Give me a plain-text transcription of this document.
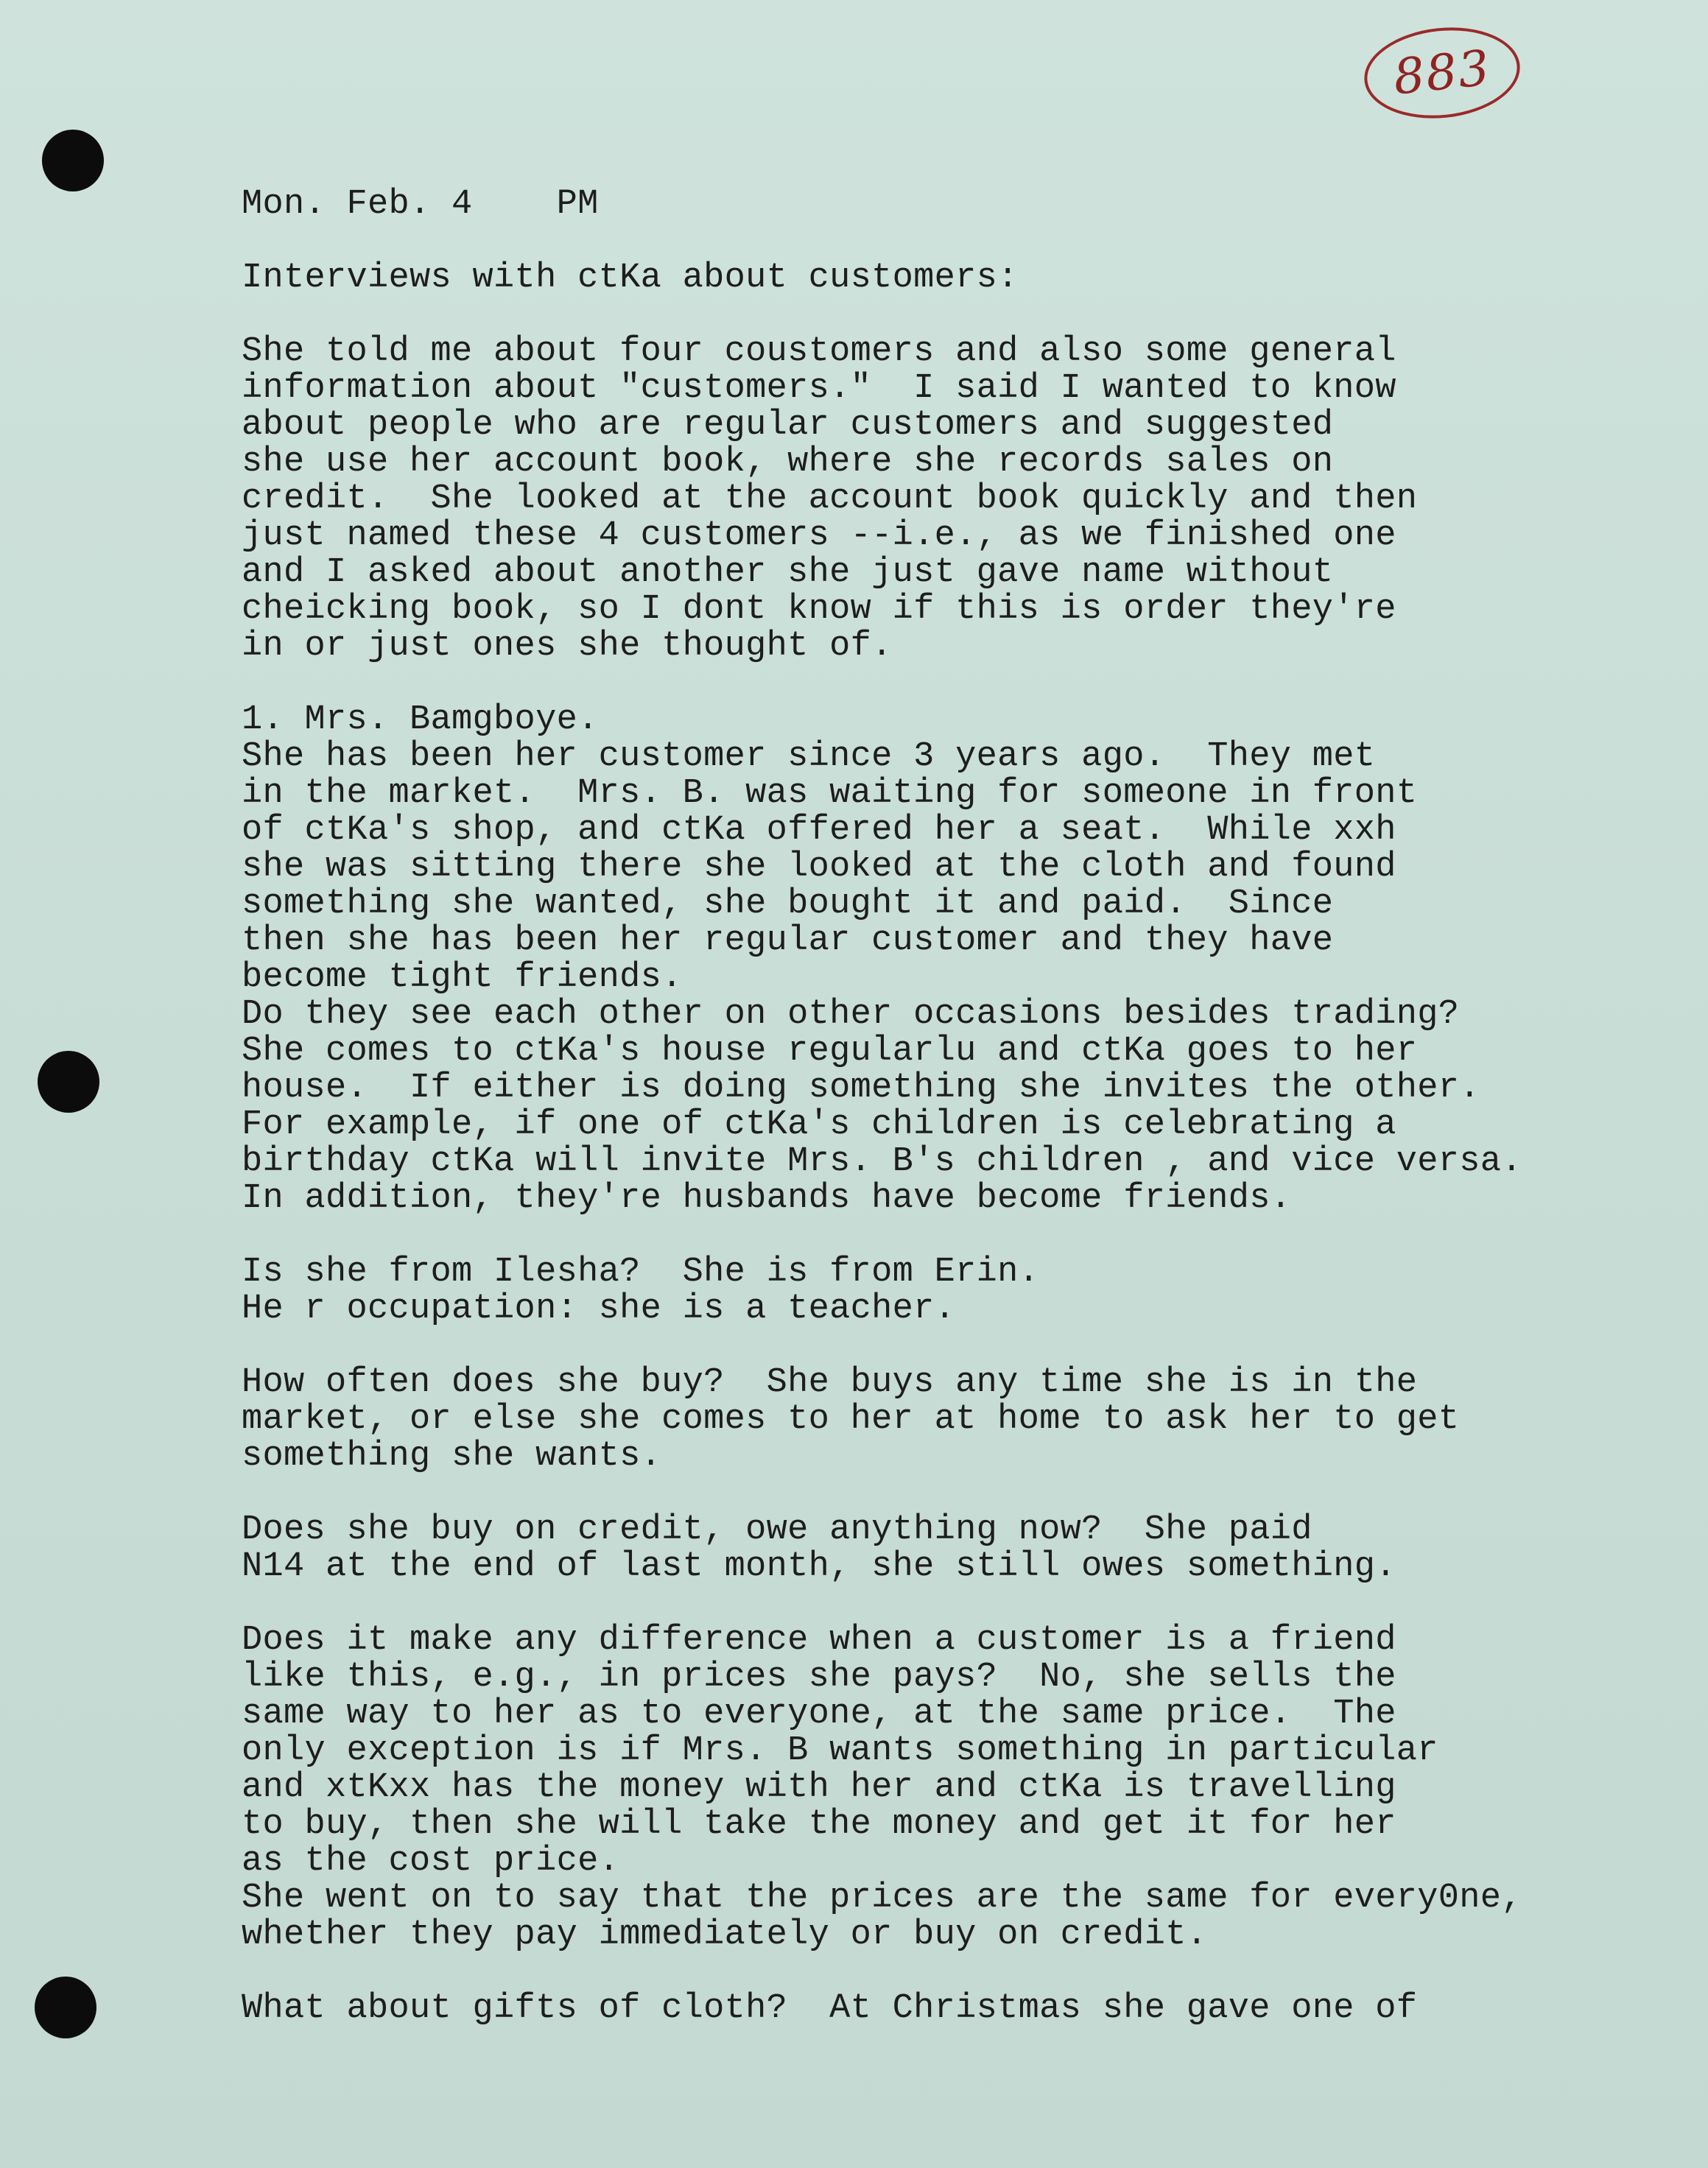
883
Mon. Feb. 4    PM
Interviews with ctKa about customers:
She told me about four coustomers and also some general
information about "customers."  I said I wanted to know
about people who are regular customers and suggested
she use her account book, where she records sales on
credit.  She looked at the account book quickly and then
just named these 4 customers --i.e., as we finished one
and I asked about another she just gave name without
cheicking book, so I dont know if this is order they're
in or just ones she thought of.
1. Mrs. Bamgboye.
She has been her customer since 3 years ago.  They met
in the market.  Mrs. B. was waiting for someone in front
of ctKa's shop, and ctKa offered her a seat.  While xxh
she was sitting there she looked at the cloth and found
something she wanted, she bought it and paid.  Since
then she has been her regular customer and they have
become tight friends.
Do they see each other on other occasions besides trading?
She comes to ctKa's house regularlu and ctKa goes to her
house.  If either is doing something she invites the other.
For example, if one of ctKa's children is celebrating a
birthday ctKa will invite Mrs. B's children , and vice versa.
In addition, they're husbands have become friends.
Is she from Ilesha?  She is from Erin.
He r occupation: she is a teacher.
How often does she buy?  She buys any time she is in the
market, or else she comes to her at home to ask her to get
something she wants.
Does she buy on credit, owe anything now?  She paid
N14 at the end of last month, she still owes something.
Does it make any difference when a customer is a friend
like this, e.g., in prices she pays?  No, she sells the
same way to her as to everyone, at the same price.  The
only exception is if Mrs. B wants something in particular
and xtKxx has the money with her and ctKa is travelling
to buy, then she will take the money and get it for her
as the cost price.
She went on to say that the prices are the same for every0ne,
whether they pay immediately or buy on credit.
What about gifts of cloth?  At Christmas she gave one of
